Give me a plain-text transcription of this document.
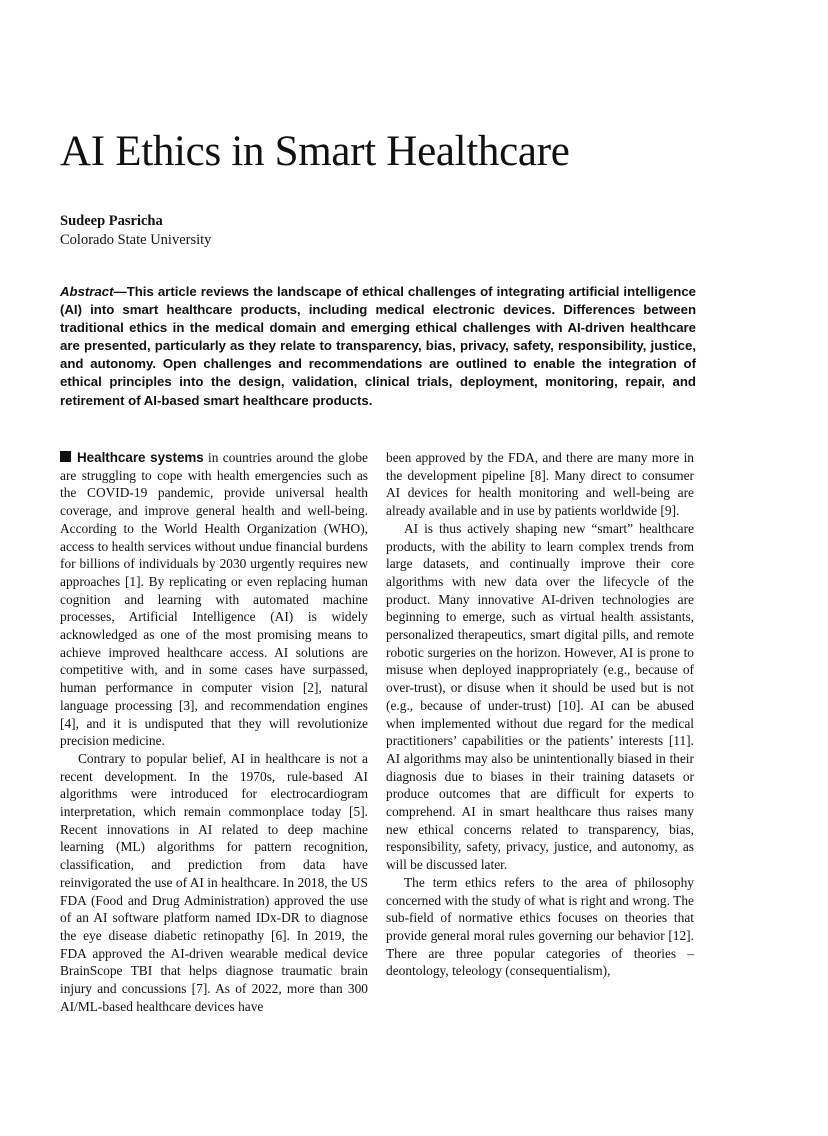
AI Ethics in Smart Healthcare
Sudeep Pasricha
Colorado State University

Abstract—This article reviews the landscape of ethical challenges of integrating artificial intelligence (AI) into smart healthcare products, including medical electronic devices. Differences between traditional ethics in the medical domain and emerging ethical challenges with AI-driven healthcare are presented, particularly as they relate to transparency, bias, privacy, safety, responsibility, justice, and autonomy. Open challenges and recommendations are outlined to enable the integration of ethical principles into the design, validation, clinical trials, deployment, monitoring, repair, and retirement of AI-based smart healthcare products.

Healthcare systems in countries around the globe are struggling to cope with health emergencies such as the COVID-19 pandemic, provide universal health coverage, and improve general health and well-being. According to the World Health Organization (WHO), access to health services without undue financial burdens for billions of individuals by 2030 urgently requires new approaches [1]. By replicating or even replacing human cognition and learning with automated machine processes, Artificial Intelligence (AI) is widely acknowledged as one of the most promising means to achieve improved healthcare access. AI solutions are competitive with, and in some cases have surpassed, human performance in computer vision [2], natural language processing [3], and recommendation engines [4], and it is undisputed that they will revolutionize precision medicine.

Contrary to popular belief, AI in healthcare is not a recent development. In the 1970s, rule-based AI algorithms were introduced for electrocardiogram interpretation, which remain commonplace today [5]. Recent innovations in AI related to deep machine learning (ML) algorithms for pattern recognition, classification, and prediction from data have reinvigorated the use of AI in healthcare. In 2018, the US FDA (Food and Drug Administration) approved the use of an AI software platform named IDx-DR to diagnose the eye disease diabetic retinopathy [6]. In 2019, the FDA approved the AI-driven wearable medical device BrainScope TBI that helps diagnose traumatic brain injury and concussions [7]. As of 2022, more than 300 AI/ML-based healthcare devices have

been approved by the FDA, and there are many more in the development pipeline [8]. Many direct to consumer AI devices for health monitoring and well-being are already available and in use by patients worldwide [9].

AI is thus actively shaping new “smart” healthcare products, with the ability to learn complex trends from large datasets, and continually improve their core algorithms with new data over the lifecycle of the product. Many innovative AI-driven technologies are beginning to emerge, such as virtual health assistants, personalized therapeutics, smart digital pills, and remote robotic surgeries on the horizon. However, AI is prone to misuse when deployed inappropriately (e.g., because of over-trust), or disuse when it should be used but is not (e.g., because of under-trust) [10]. AI can be abused when implemented without due regard for the medical practitioners’ capabilities or the patients’ interests [11]. AI algorithms may also be unintentionally biased in their diagnosis due to biases in their training datasets or produce outcomes that are difficult for experts to comprehend. AI in smart healthcare thus raises many new ethical concerns related to transparency, bias, responsibility, safety, privacy, justice, and autonomy, as will be discussed later.

The term ethics refers to the area of philosophy concerned with the study of what is right and wrong. The sub-field of normative ethics focuses on theories that provide general moral rules governing our behavior [12]. There are three popular categories of theories – deontology, teleology (consequentialism),
